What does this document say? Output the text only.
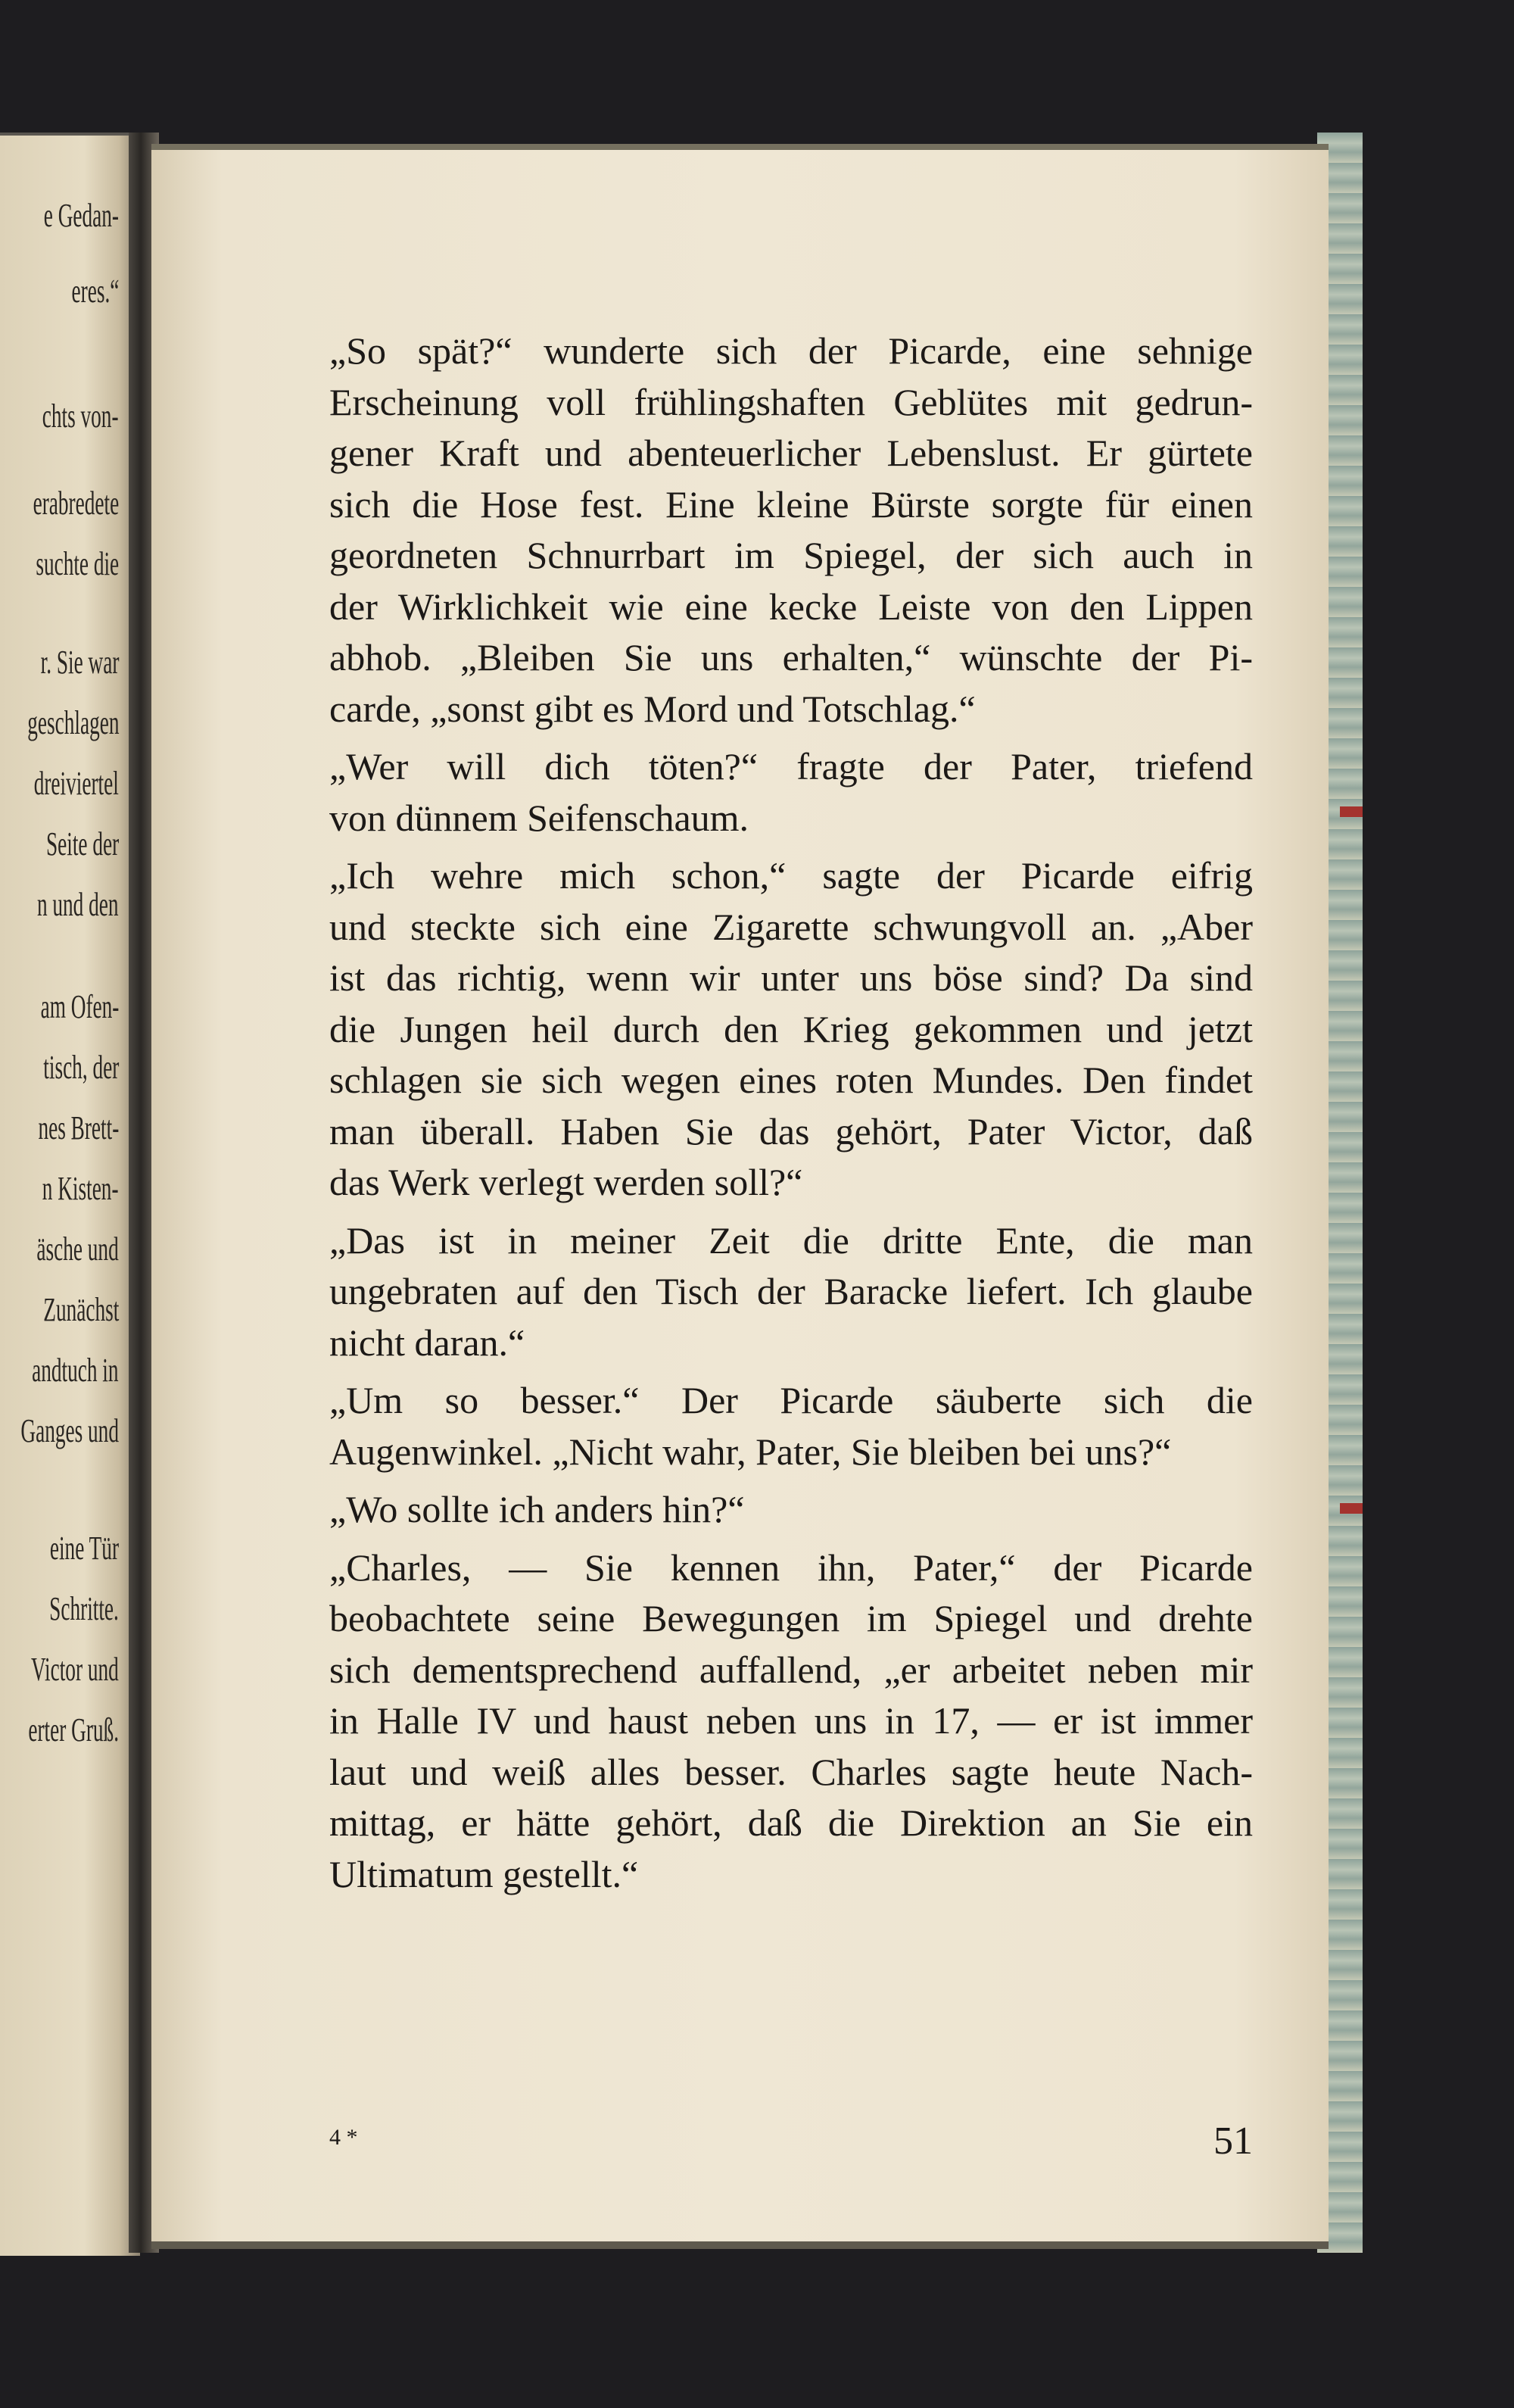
e Gedan-
eres.“
chts von-
erabredete
suchte die
r. Sie war
geschlagen
dreiviertel
Seite der
n und den
am Ofen-
tisch, der
nes Brett-
n Kisten-
äsche und
Zunächst
andtuch in
Ganges und
eine Tür
Schritte.
Victor und
erter Gruß.
„So spät?“ wunderte sich der Picarde, eine sehnige
Erscheinung voll frühlingshaften Geblütes mit gedrun-
gener Kraft und abenteuerlicher Lebenslust. Er gürtete
sich die Hose fest. Eine kleine Bürste sorgte für einen
geordneten Schnurrbart im Spiegel, der sich auch in
der Wirklichkeit wie eine kecke Leiste von den Lippen
abhob. „Bleiben Sie uns erhalten,“ wünschte der Pi-
carde, „sonst gibt es Mord und Totschlag.“
„Wer will dich töten?“ fragte der Pater, triefend
von dünnem Seifenschaum.
„Ich wehre mich schon,“ sagte der Picarde eifrig
und steckte sich eine Zigarette schwungvoll an. „Aber
ist das richtig, wenn wir unter uns böse sind? Da sind
die Jungen heil durch den Krieg gekommen und jetzt
schlagen sie sich wegen eines roten Mundes. Den findet
man überall. Haben Sie das gehört, Pater Victor, daß
das Werk verlegt werden soll?“
„Das ist in meiner Zeit die dritte Ente, die man
ungebraten auf den Tisch der Baracke liefert. Ich glaube
nicht daran.“
„Um so besser.“ Der Picarde säuberte sich die
Augenwinkel. „Nicht wahr, Pater, Sie bleiben bei uns?“
„Wo sollte ich anders hin?“
„Charles, — Sie kennen ihn, Pater,“ der Picarde
beobachtete seine Bewegungen im Spiegel und drehte
sich dementsprechend auffallend, „er arbeitet neben mir
in Halle IV und haust neben uns in 17, — er ist immer
laut und weiß alles besser. Charles sagte heute Nach-
mittag, er hätte gehört, daß die Direktion an Sie ein
Ultimatum gestellt.“
4 *	51
